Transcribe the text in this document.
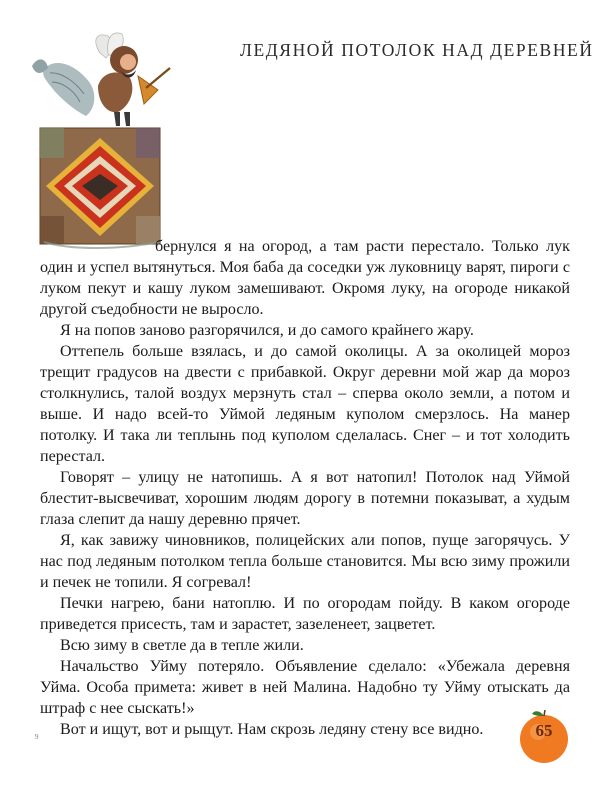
ЛЕДЯНОЙ ПОТОЛОК НАД ДЕРЕВНЕЙ

бернулся я на огород, а там расти перестало. Только лук один и успел вытянуться. Моя баба да соседки уж луковницу варят, пироги с луком пекут и кашу луком замешивают. Окромя луку, на огороде никакой другой съедобности не выросло.

Я на попов заново разгорячился, и до самого крайнего жару.

Оттепель больше взялась, и до самой околицы. А за околицей мороз трещит градусов на двести с прибавкой. Округ деревни мой жар да мороз столкнулись, талой воздух мерзнуть стал – сперва около земли, а потом и выше. И надо всей-то Уймой ледяным куполом смерзлось. На манер потолку. И така ли теплынь под куполом сделалась. Снег – и тот холодить перестал.

Говорят – улицу не натопишь. А я вот натопил! Потолок над Уймой блестит-высвечиват, хорошим людям дорогу в потемни показыват, а худым глаза слепит да нашу деревню прячет.

Я, как завижу чиновников, полицейских али попов, пуще загорячусь. У нас под ледяным потолком тепла больше становится. Мы всю зиму прожили и печек не топили. Я согревал!

Печки нагрею, бани натоплю. И по огородам пойду. В каком огороде приведется присесть, там и зарастет, зазеленеет, зацветет.

Всю зиму в светле да в тепле жили.

Начальство Уйму потеряло. Объявление сделало: «Убежала деревня Уйма. Особа примета: живет в ней Малина. Надобно ту Уйму отыскать да штраф с нее сыскать!»

Вот и ищут, вот и рыщут. Нам скрозь ледяну стену все видно.

9	65
